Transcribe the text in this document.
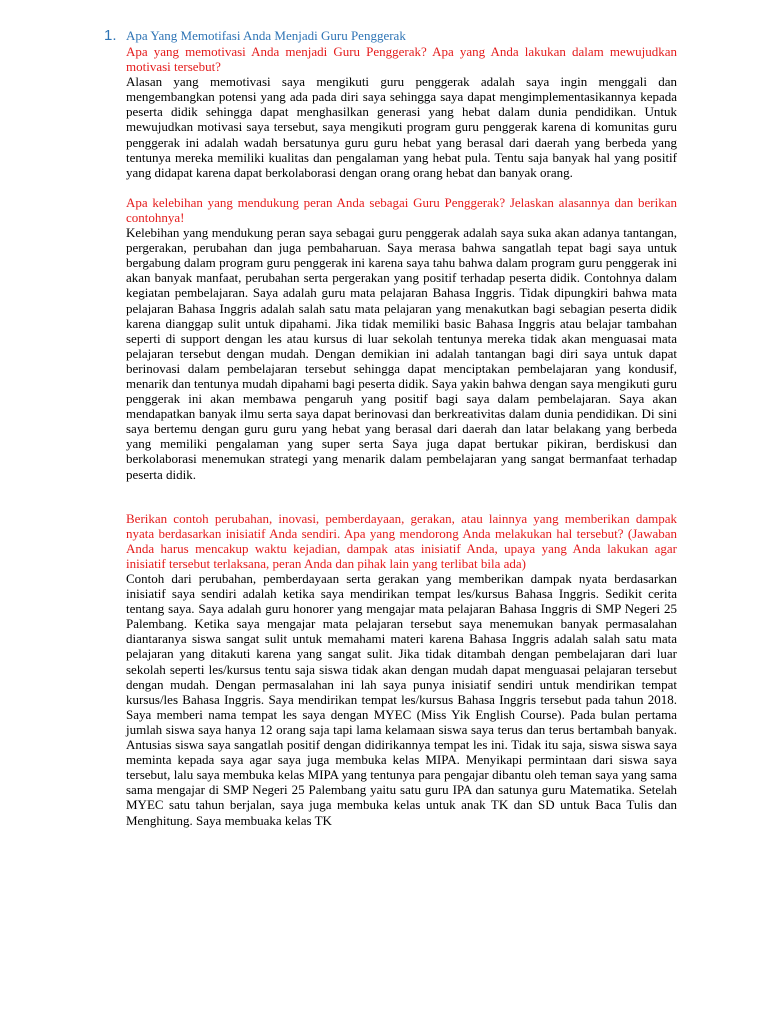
1. Apa Yang Memotifasi Anda Menjadi Guru Penggerak

Apa yang memotivasi Anda menjadi Guru Penggerak? Apa yang Anda lakukan dalam mewujudkan motivasi tersebut?

Alasan yang memotivasi saya mengikuti guru penggerak adalah saya ingin menggali dan mengembangkan potensi yang ada pada diri saya sehingga saya dapat mengimplementasikannya kepada peserta didik sehingga dapat menghasilkan generasi yang hebat dalam dunia pendidikan. Untuk mewujudkan motivasi saya tersebut, saya mengikuti program guru penggerak karena di komunitas guru penggerak ini adalah wadah bersatunya guru guru hebat yang berasal dari daerah yang berbeda yang tentunya mereka memiliki kualitas dan pengalaman yang hebat pula. Tentu saja banyak hal yang positif yang didapat karena dapat berkolaborasi dengan orang orang hebat dan banyak orang.

Apa kelebihan yang mendukung peran Anda sebagai Guru Penggerak? Jelaskan alasannya dan berikan contohnya!

Kelebihan yang mendukung peran saya sebagai guru penggerak adalah saya suka akan adanya tantangan, pergerakan, perubahan dan juga pembaharuan. Saya merasa bahwa sangatlah tepat bagi saya untuk bergabung dalam program guru penggerak ini karena saya tahu bahwa dalam program guru penggerak ini akan banyak manfaat, perubahan serta pergerakan yang positif terhadap peserta didik. Contohnya dalam kegiatan pembelajaran. Saya adalah guru mata pelajaran Bahasa Inggris. Tidak dipungkiri bahwa mata pelajaran Bahasa Inggris adalah salah satu mata pelajaran yang menakutkan bagi sebagian peserta didik karena dianggap sulit untuk dipahami. Jika tidak memiliki basic Bahasa Inggris atau belajar tambahan seperti di support dengan les atau kursus di luar sekolah tentunya mereka tidak akan menguasai mata pelajaran tersebut dengan mudah. Dengan demikian ini adalah tantangan bagi diri saya untuk dapat berinovasi dalam pembelajaran tersebut sehingga dapat menciptakan pembelajaran yang kondusif, menarik dan tentunya mudah dipahami bagi peserta didik. Saya yakin bahwa dengan saya mengikuti guru penggerak ini akan membawa pengaruh yang positif bagi saya dalam pembelajaran. Saya akan mendapatkan banyak ilmu serta saya dapat berinovasi dan berkreativitas dalam dunia pendidikan. Di sini saya bertemu dengan guru guru yang hebat yang berasal dari daerah dan latar belakang yang berbeda yang memiliki pengalaman yang super serta Saya juga dapat bertukar pikiran, berdiskusi dan berkolaborasi menemukan strategi yang menarik dalam pembelajaran yang sangat bermanfaat terhadap peserta didik.

Berikan contoh perubahan, inovasi, pemberdayaan, gerakan, atau lainnya yang memberikan dampak nyata berdasarkan inisiatif Anda sendiri. Apa yang mendorong Anda melakukan hal tersebut? (Jawaban Anda harus mencakup waktu kejadian, dampak atas inisiatif Anda, upaya yang Anda lakukan agar inisiatif tersebut terlaksana, peran Anda dan pihak lain yang terlibat bila ada)

Contoh dari perubahan, pemberdayaan serta gerakan yang memberikan dampak nyata berdasarkan inisiatif saya sendiri adalah ketika saya mendirikan tempat les/kursus Bahasa Inggris. Sedikit cerita tentang saya. Saya adalah guru honorer yang mengajar mata pelajaran Bahasa Inggris di SMP Negeri 25 Palembang. Ketika saya mengajar mata pelajaran tersebut saya menemukan banyak permasalahan diantaranya siswa sangat sulit untuk memahami materi karena Bahasa Inggris adalah salah satu mata pelajaran yang ditakuti karena yang sangat sulit. Jika tidak ditambah dengan pembelajaran dari luar sekolah seperti les/kursus tentu saja siswa tidak akan dengan mudah dapat menguasai pelajaran tersebut dengan mudah. Dengan permasalahan ini lah saya punya inisiatif sendiri untuk mendirikan tempat kursus/les Bahasa Inggris. Saya mendirikan tempat les/kursus Bahasa Inggris tersebut pada tahun 2018. Saya memberi nama tempat les saya dengan MYEC (Miss Yik English Course). Pada bulan pertama jumlah siswa saya hanya 12 orang saja tapi lama kelamaan siswa saya terus dan terus bertambah banyak. Antusias siswa saya sangatlah positif dengan didirikannya tempat les ini. Tidak itu saja, siswa siswa saya meminta kepada saya agar saya juga membuka kelas MIPA. Menyikapi permintaan dari siswa saya tersebut, lalu saya membuka kelas MIPA yang tentunya para pengajar dibantu oleh teman saya yang sama sama mengajar di SMP Negeri 25 Palembang yaitu satu guru IPA dan satunya guru Matematika. Setelah MYEC satu tahun berjalan, saya juga membuka kelas untuk anak TK dan SD untuk Baca Tulis dan Menghitung. Saya membuaka kelas TK
